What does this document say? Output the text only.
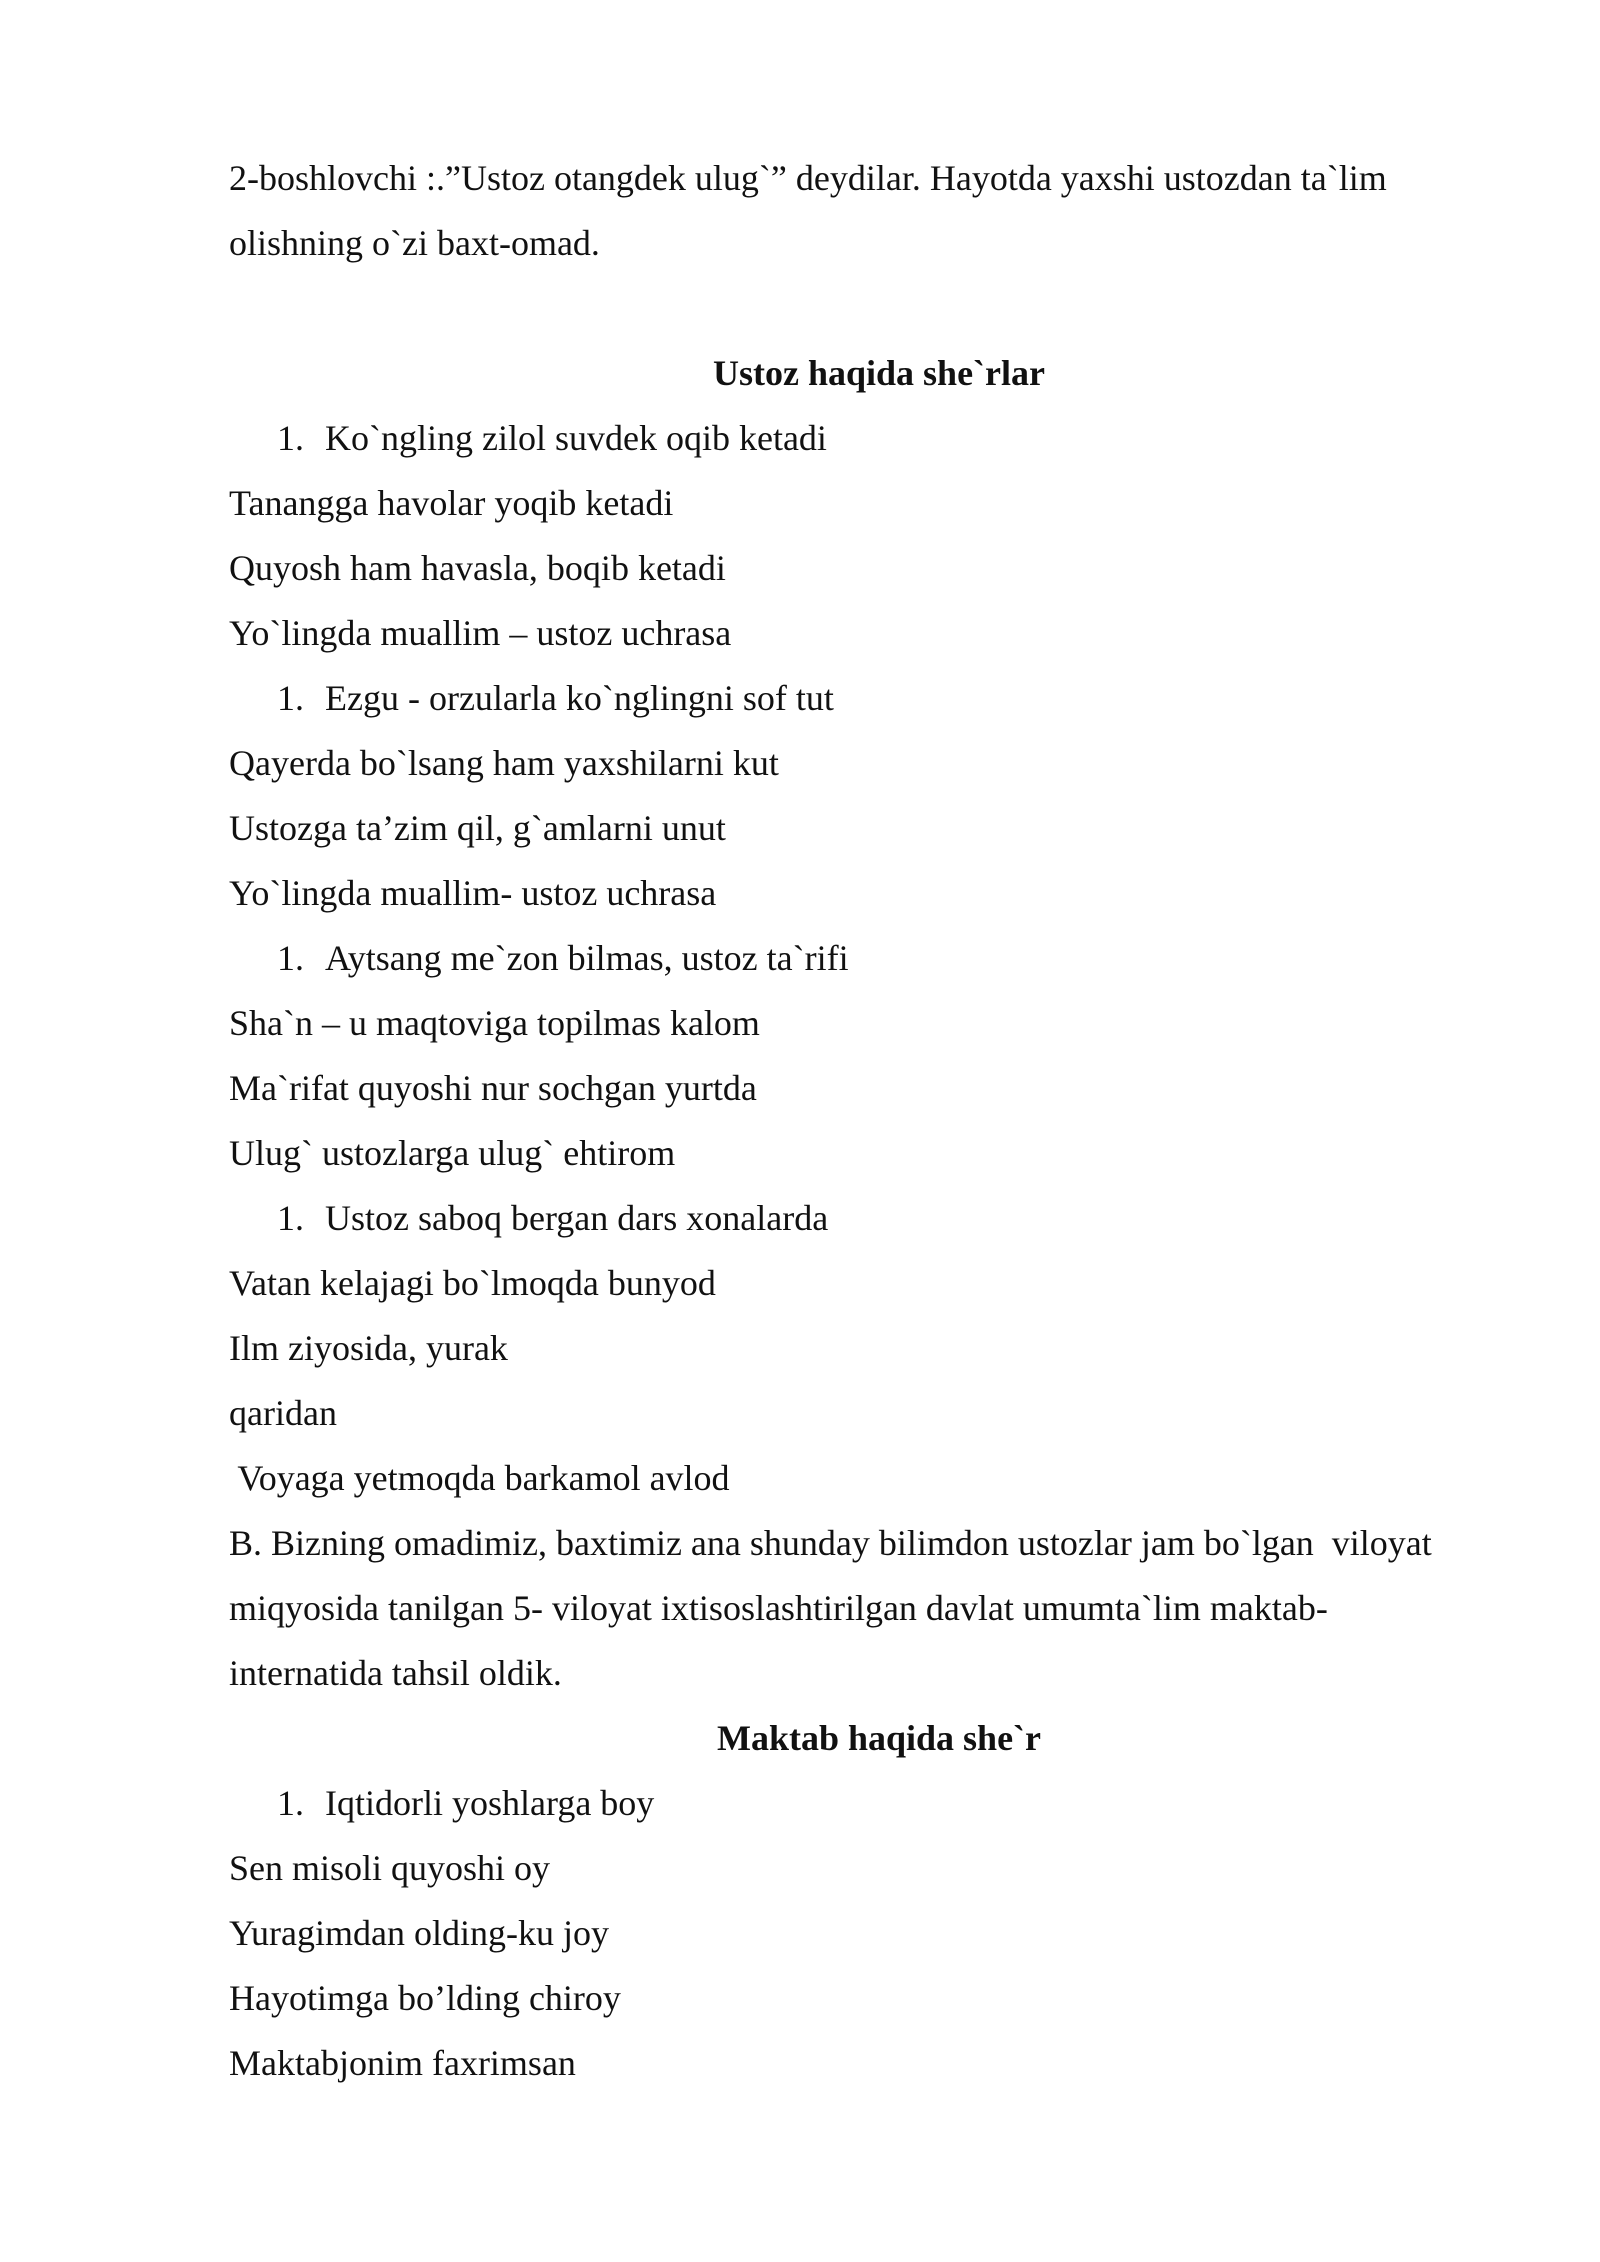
2-boshlovchi :.”Ustoz otangdek ulug`” deydilar. Hayotda yaxshi ustozdan ta`lim
olishning o`zi baxt-omad.
Ustoz haqida she`rlar
1. Ko`ngling zilol suvdek oqib ketadi
Tanangga havolar yoqib ketadi
Quyosh ham havasla, boqib ketadi
Yo`lingda muallim – ustoz uchrasa
1. Ezgu - orzularla ko`nglingni sof tut
Qayerda bo`lsang ham yaxshilarni kut
Ustozga ta’zim qil, g`amlarni unut
Yo`lingda muallim- ustoz uchrasa
1. Aytsang me`zon bilmas, ustoz ta`rifi
Sha`n – u maqtoviga topilmas kalom
Ma`rifat quyoshi nur sochgan yurtda
Ulug` ustozlarga ulug` ehtirom
1. Ustoz saboq bergan dars xonalarda
Vatan kelajagi bo`lmoqda bunyod
Ilm ziyosida, yurak
qaridan
Voyaga yetmoqda barkamol avlod
B. Bizning omadimiz, baxtimiz ana shunday bilimdon ustozlar jam bo`lgan  viloyat
miqyosida tanilgan 5- viloyat ixtisoslashtirilgan davlat umumta`lim maktab-
internatida tahsil oldik.
Maktab haqida she`r
1. Iqtidorli yoshlarga boy
Sen misoli quyoshi oy
Yuragimdan olding-ku joy
Hayotimga bo’lding chiroy
Maktabjonim faxrimsan
